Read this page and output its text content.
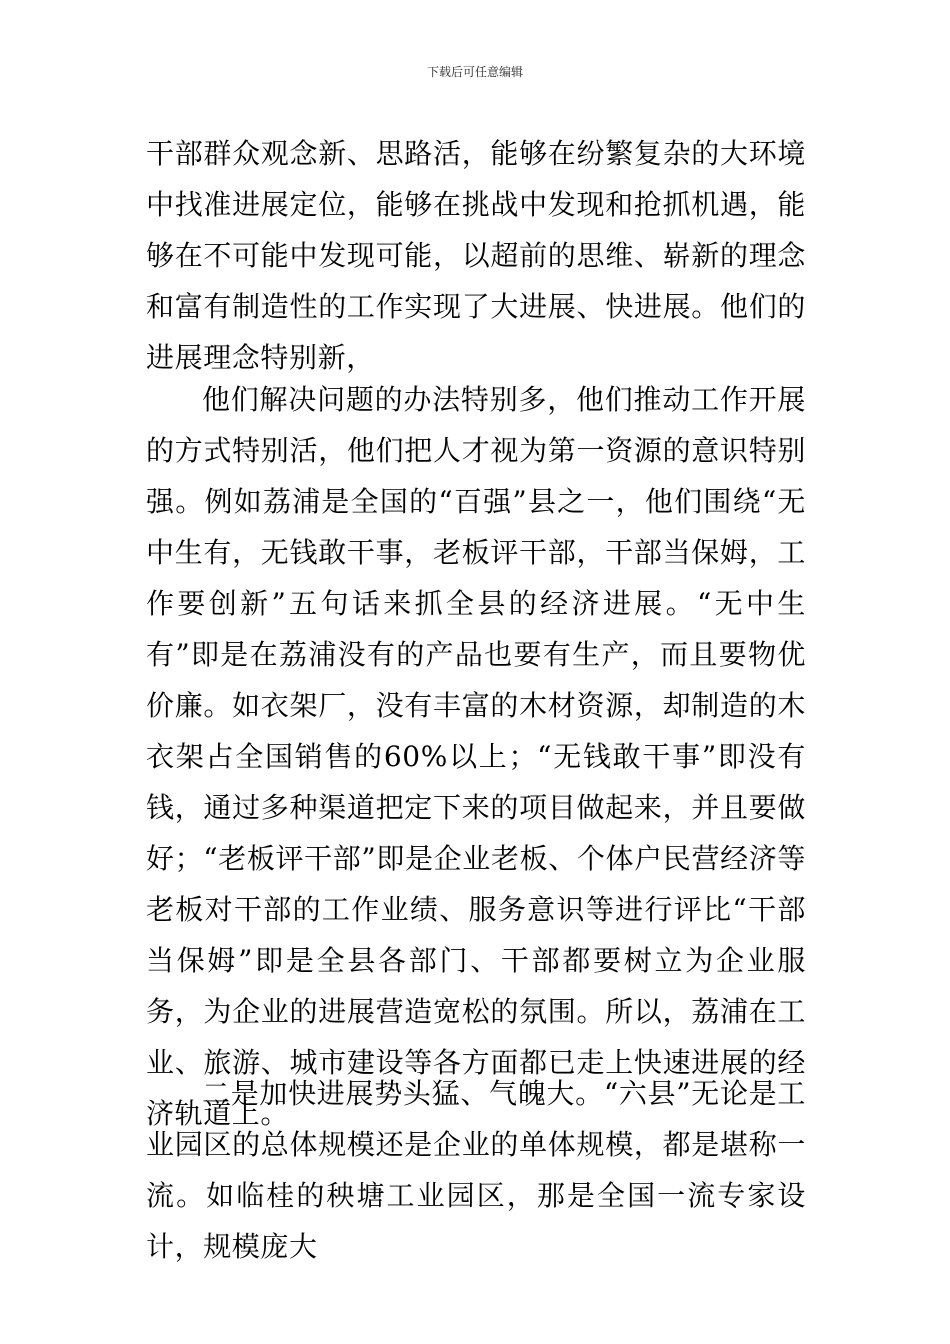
下载后可任意编辑

干部群众观念新、思路活，能够在纷繁复杂的大环境中找准进展定位，能够在挑战中发现和抢抓机遇，能够在不可能中发现可能，以超前的思维、崭新的理念和富有制造性的工作实现了大进展、快进展。他们的进展理念特别新，

他们解决问题的办法特别多，他们推动工作开展的方式特别活，他们把人才视为第一资源的意识特别强。例如荔浦是全国的“百强”县之一，他们围绕“无中生有，无钱敢干事，老板评干部，干部当保姆，工作要创新”五句话来抓全县的经济进展。“无中生有”即是在荔浦没有的产品也要有生产，而且要物优价廉。如衣架厂，没有丰富的木材资源，却制造的木衣架占全国销售的60%以上；“无钱敢干事”即没有钱，通过多种渠道把定下来的项目做起来，并且要做好；“老板评干部”即是企业老板、个体户民营经济等老板对干部的工作业绩、服务意识等进行评比“干部当保姆”即是全县各部门、干部都要树立为企业服务，为企业的进展营造宽松的氛围。所以，荔浦在工业、旅游、城市建设等各方面都已走上快速进展的经济轨道上。

二是加快进展势头猛、气魄大。“六县”无论是工业园区的总体规模还是企业的单体规模，都是堪称一流。如临桂的秧塘工业园区，那是全国一流专家设计，规模庞大
